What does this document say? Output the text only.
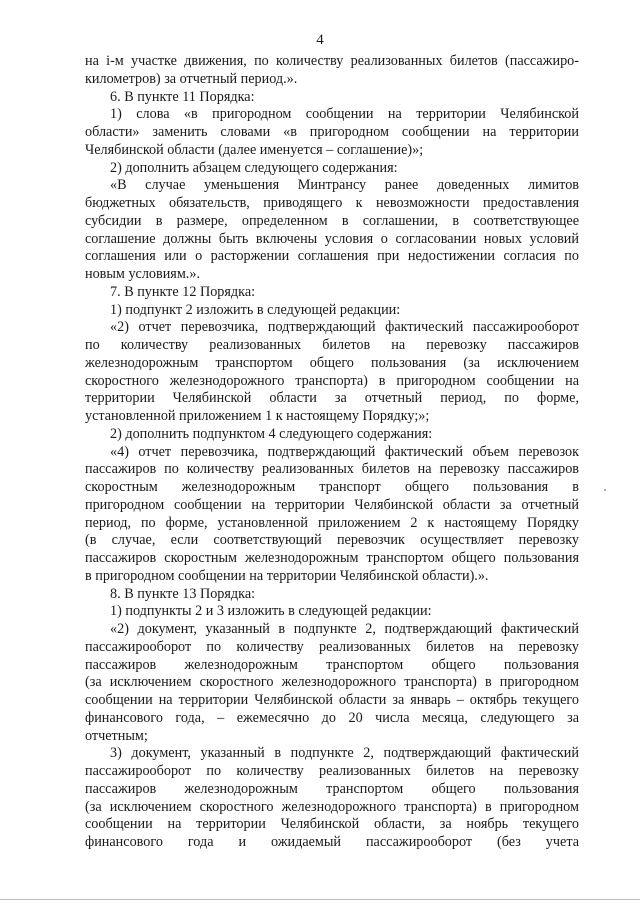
4
на i-м участке движения, по количеству реализованных билетов (пассажиро-
километров) за отчетный период.».
6. В пункте 11 Порядка:
1) слова «в пригородном сообщении на территории Челябинской
области» заменить словами «в пригородном сообщении на территории
Челябинской области (далее именуется – соглашение)»;
2) дополнить абзацем следующего содержания:
«В случае уменьшения Минтрансу ранее доведенных лимитов
бюджетных обязательств, приводящего к невозможности предоставления
субсидии в размере, определенном в соглашении, в соответствующее
соглашение должны быть включены условия о согласовании новых условий
соглашения или о расторжении соглашения при недостижении согласия по
новым условиям.».
7. В пункте 12 Порядка:
1) подпункт 2 изложить в следующей редакции:
«2) отчет перевозчика, подтверждающий фактический пассажирооборот
по количеству реализованных билетов на перевозку пассажиров
железнодорожным транспортом общего пользования (за исключением
скоростного железнодорожного транспорта) в пригородном сообщении на
территории Челябинской области за отчетный период, по форме,
установленной приложением 1 к настоящему Порядку;»;
2) дополнить подпунктом 4 следующего содержания:
«4) отчет перевозчика, подтверждающий фактический объем перевозок
пассажиров по количеству реализованных билетов на перевозку пассажиров
скоростным железнодорожным транспорт общего пользования в
пригородном сообщении на территории Челябинской области за отчетный
период, по форме, установленной приложением 2 к настоящему Порядку
(в случае, если соответствующий перевозчик осуществляет перевозку
пассажиров скоростным железнодорожным транспортом общего пользования
в пригородном сообщении на территории Челябинской области).».
8. В пункте 13 Порядка:
1) подпункты 2 и 3 изложить в следующей редакции:
«2) документ, указанный в подпункте 2, подтверждающий фактический
пассажирооборот по количеству реализованных билетов на перевозку
пассажиров железнодорожным транспортом общего пользования
(за исключением скоростного железнодорожного транспорта) в пригородном
сообщении на территории Челябинской области за январь – октябрь текущего
финансового года, – ежемесячно до 20 числа месяца, следующего за
отчетным;
3) документ, указанный в подпункте 2, подтверждающий фактический
пассажирооборот по количеству реализованных билетов на перевозку
пассажиров железнодорожным транспортом общего пользования
(за исключением скоростного железнодорожного транспорта) в пригородном
сообщении на территории Челябинской области, за ноябрь текущего
финансового года и ожидаемый пассажирооборот (без учета
